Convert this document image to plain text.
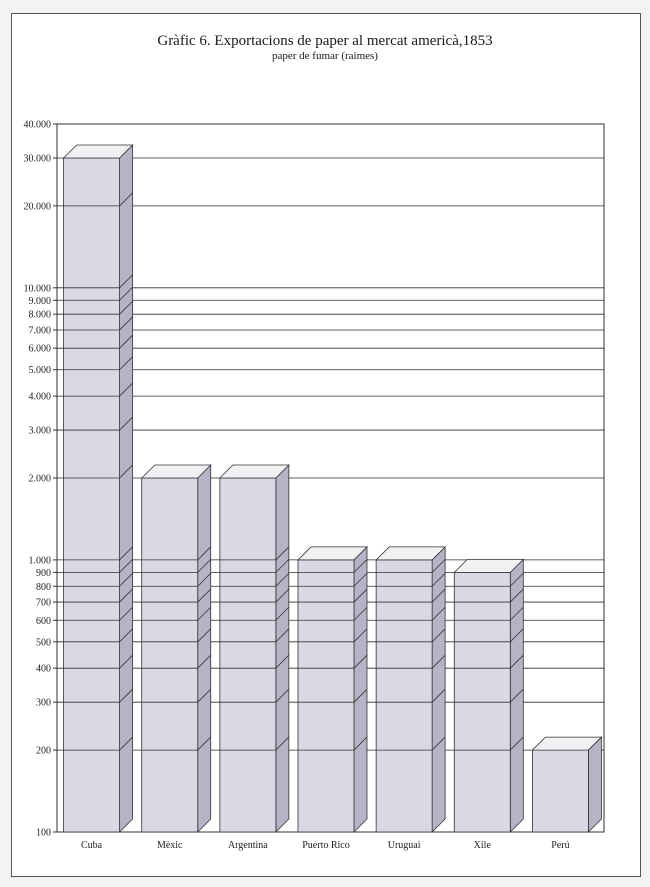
Gràfic 6. Exportacions de paper al mercat americà,1853
paper de fumar (raimes)
100
200
300
400
500
600
700
800
900
1.000
2.000
3.000
4.000
5.000
6.000
7.000
8.000
9.000
10.000
20.000
30.000
40.000
Cuba	Mèxic	Argentina	Puerto Rico	Uruguai	Xile	Perú
